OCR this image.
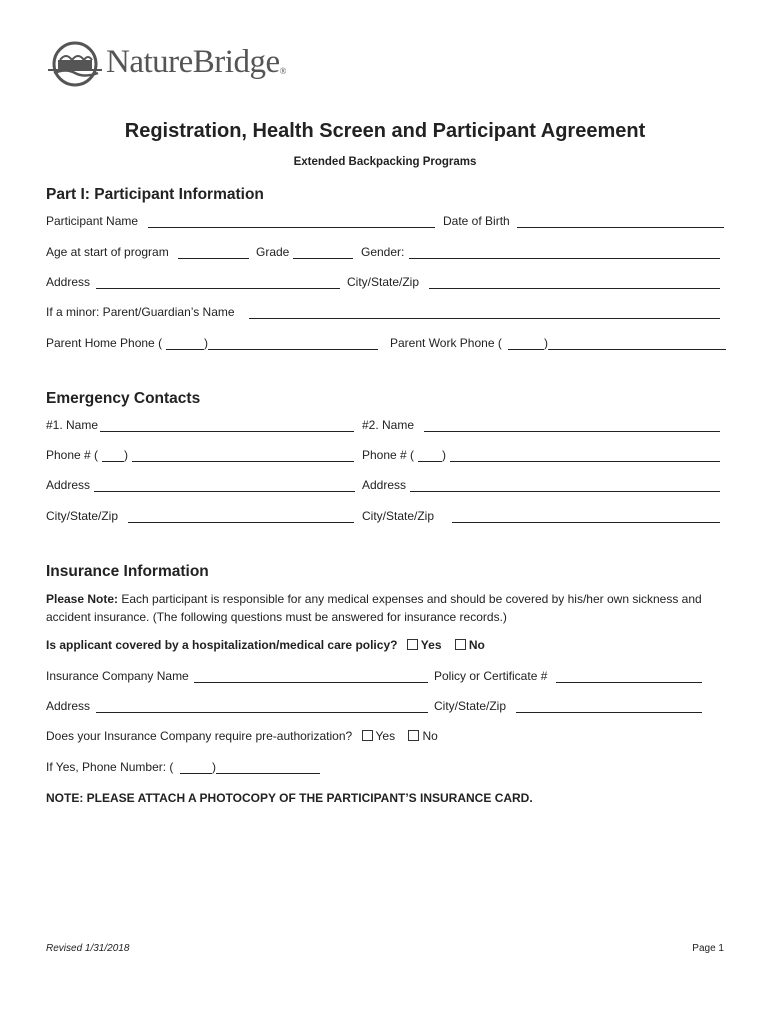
NatureBridge®
Registration, Health Screen and Participant Agreement
Extended Backpacking Programs
Part I: Participant Information
Participant Name	Date of Birth
Age at start of program	Grade	Gender:
Address	City/State/Zip
If a minor: Parent/Guardian’s Name
Parent Home Phone (	)	Parent Work Phone (	)
Emergency Contacts
#1. Name	#2. Name
Phone # ( )	Phone # ( )
Address	Address
City/State/Zip	City/State/Zip
Insurance Information
Please Note: Each participant is responsible for any medical expenses and should be covered by his/her own sickness and accident insurance. (The following questions must be answered for insurance records.)
Is applicant covered by a hospitalization/medical care policy? Yes No
Insurance Company Name	Policy or Certificate #
Address	City/State/Zip
Does your Insurance Company require pre-authorization? Yes No
If Yes, Phone Number: (	)
NOTE: PLEASE ATTACH A PHOTOCOPY OF THE PARTICIPANT’S INSURANCE CARD.
Revised 1/31/2018	Page 1
